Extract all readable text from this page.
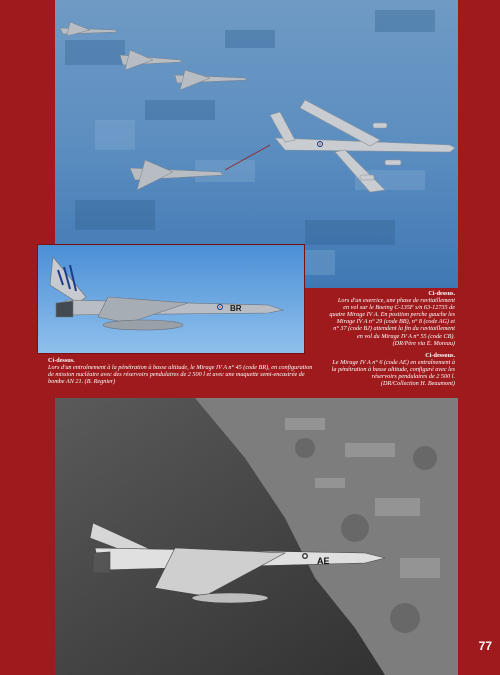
BR
AE
Ci-dessus.
Lors d'un exercice, une phase de ravitaillement
en vol sur le Boeing C-135F s/n 63-12735 de
quatre Mirage IV A. En position perche gauche les
Mirage IV A n° 29 (code BB), n° 8 (code AG) et
n° 37 (code BJ) attendent la fin du ravitaillement
en vol du Mirage IV A n° 55 (code CB).
(DR/Père via E. Moreau)
Ci-dessous.
Le Mirage IV A n° 6 (code AE) en entraînement à
la pénétration à basse altitude, configuré avec les
réservoirs pendulaires de 2 500 l.
(DR/Collection H. Beaumont)
Ci-dessus.
Lors d'un entraînement à la pénétration à basse altitude, le Mirage IV A n° 45 (code BR), en configuration
de mission nucléaire avec des réservoirs pendulaires de 2 500 l et avec une maquette semi-encastrée de
bombe AN 21. (B. Regnier)
77
